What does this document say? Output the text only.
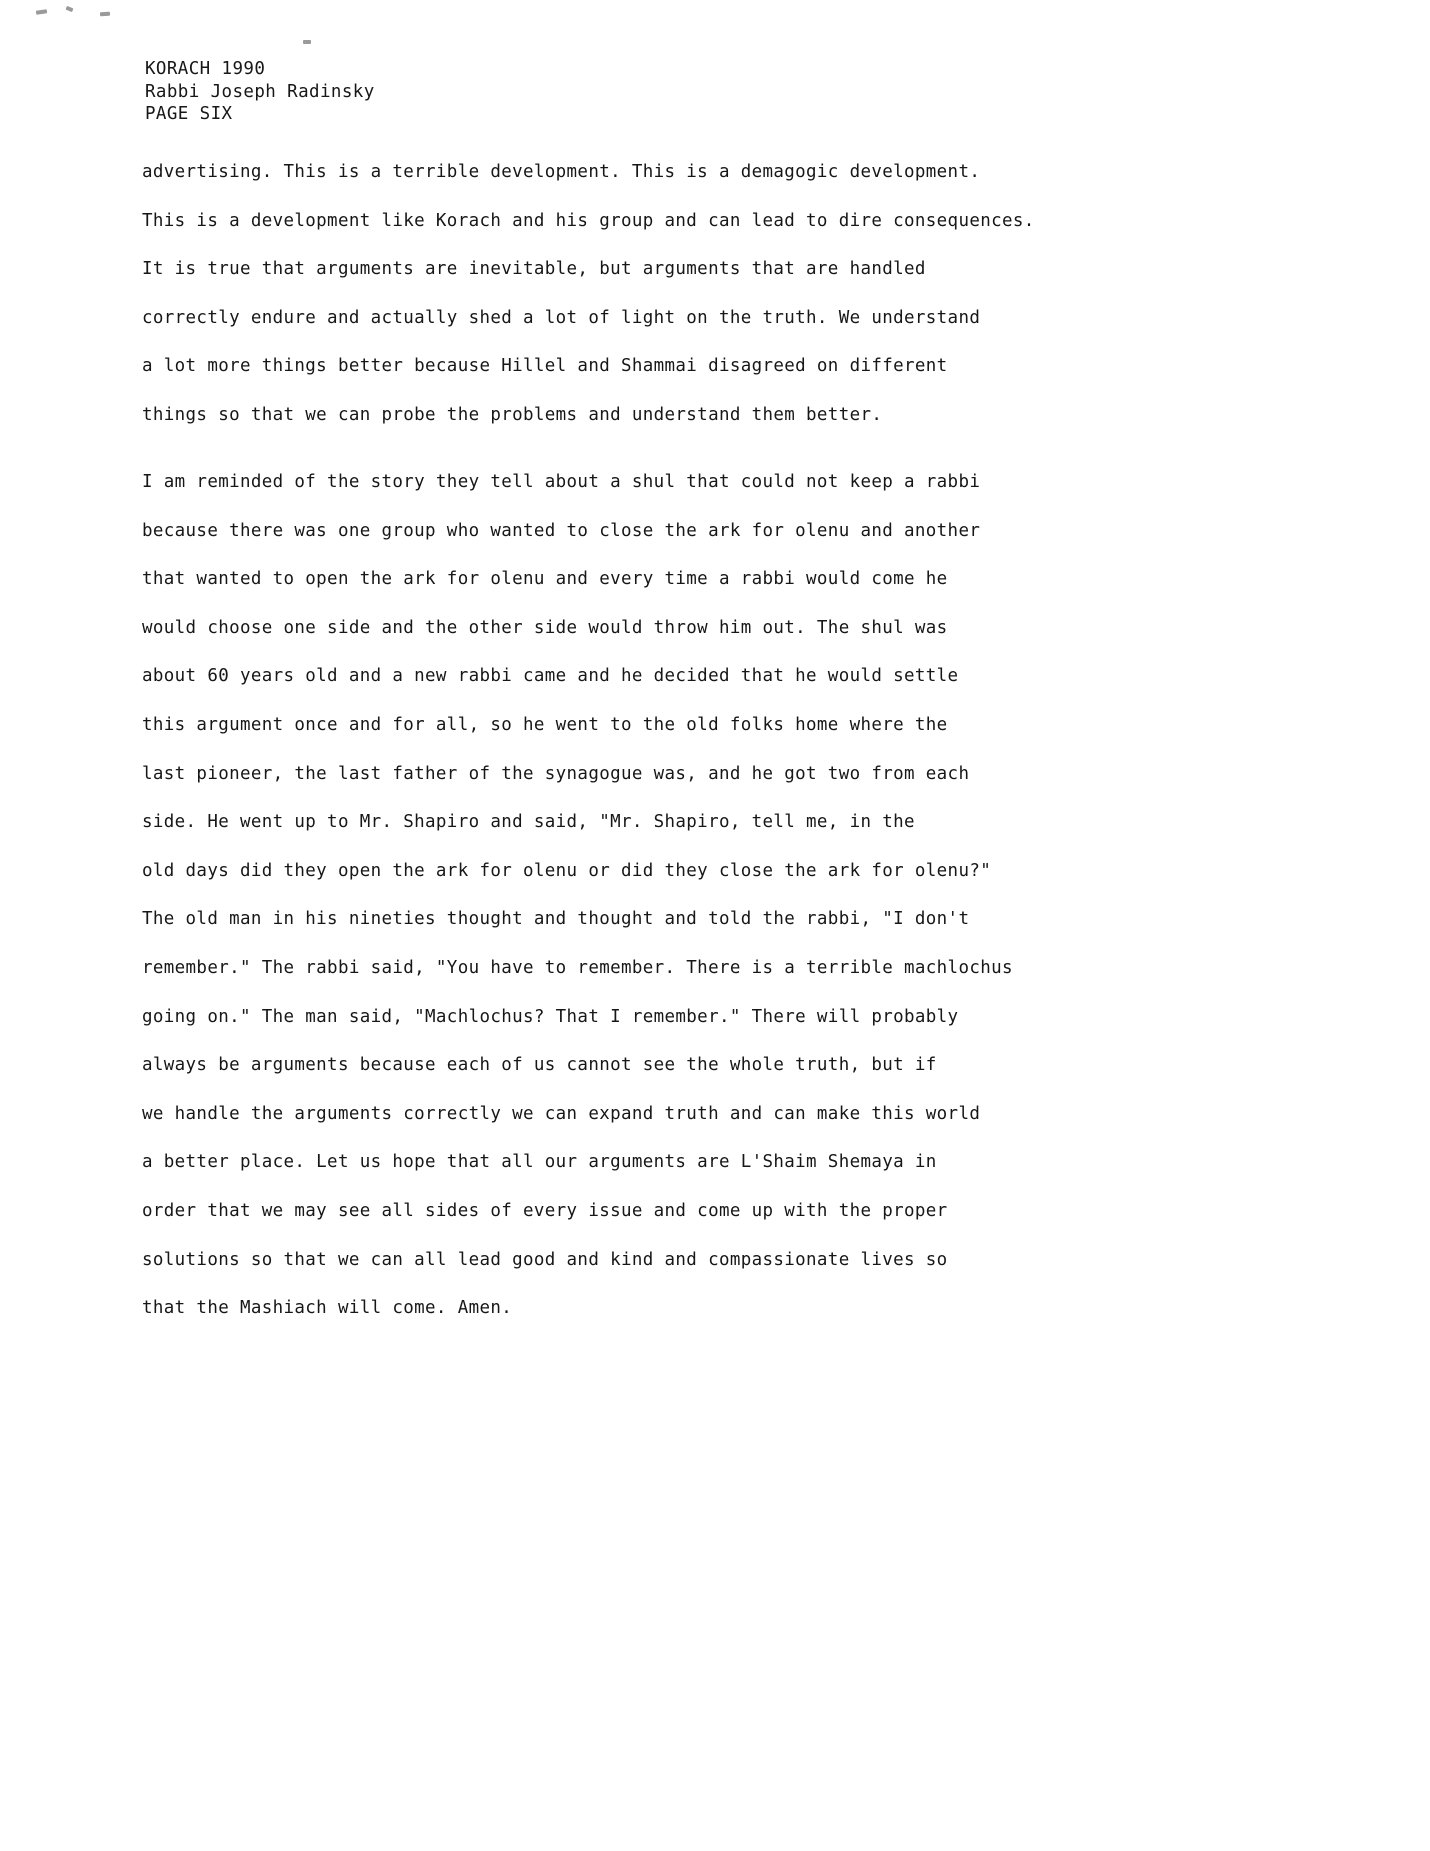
KORACH 1990
Rabbi Joseph Radinsky
PAGE SIX

advertising. This is a terrible development. This is a demagogic development.

This is a development like Korach and his group and can lead to dire consequences.

It is true that arguments are inevitable, but arguments that are handled

correctly endure and actually shed a lot of light on the truth. We understand

a lot more things better because Hillel and Shammai disagreed on different

things so that we can probe the problems and understand them better.

I am reminded of the story they tell about a shul that could not keep a rabbi

because there was one group who wanted to close the ark for olenu and another

that wanted to open the ark for olenu and every time a rabbi would come he

would choose one side and the other side would throw him out. The shul was

about 60 years old and a new rabbi came and he decided that he would settle

this argument once and for all, so he went to the old folks home where the

last pioneer, the last father of the synagogue was, and he got two from each

side. He went up to Mr. Shapiro and said, "Mr. Shapiro, tell me, in the

old days did they open the ark for olenu or did they close the ark for olenu?"

The old man in his nineties thought and thought and told the rabbi, "I don't

remember." The rabbi said, "You have to remember. There is a terrible machlochus

going on." The man said, "Machlochus? That I remember." There will probably

always be arguments because each of us cannot see the whole truth, but if

we handle the arguments correctly we can expand truth and can make this world

a better place. Let us hope that all our arguments are L'Shaim Shemaya in

order that we may see all sides of every issue and come up with the proper

solutions so that we can all lead good and kind and compassionate lives so

that the Mashiach will come. Amen.
